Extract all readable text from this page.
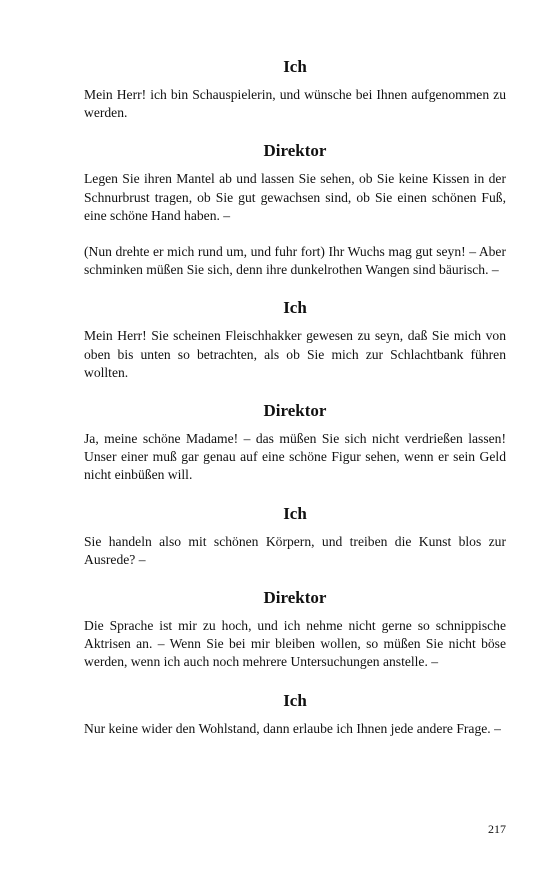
Ich

Mein Herr! ich bin Schauspielerin, und wünsche bei Ihnen aufgenommen zu werden.

Direktor

Legen Sie ihren Mantel ab und lassen Sie sehen, ob Sie keine Kissen in der Schnurbrust tragen, ob Sie gut gewachsen sind, ob Sie einen schönen Fuß, eine schöne Hand haben. –

(Nun drehte er mich rund um, und fuhr fort) Ihr Wuchs mag gut seyn! – Aber schminken müßen Sie sich, denn ihre dunkelrothen Wangen sind bäurisch. –

Ich

Mein Herr! Sie scheinen Fleischhakker gewesen zu seyn, daß Sie mich von oben bis unten so betrachten, als ob Sie mich zur Schlachtbank führen wollten.

Direktor

Ja, meine schöne Madame! – das müßen Sie sich nicht verdrießen lassen! Unser einer muß gar genau auf eine schöne Figur sehen, wenn er sein Geld nicht einbüßen will.

Ich

Sie handeln also mit schönen Körpern, und treiben die Kunst blos zur Ausrede? –

Direktor

Die Sprache ist mir zu hoch, und ich nehme nicht gerne so schnippische Aktrisen an. – Wenn Sie bei mir bleiben wollen, so müßen Sie nicht böse werden, wenn ich auch noch mehrere Untersuchungen anstelle. –

Ich

Nur keine wider den Wohlstand, dann erlaube ich Ihnen jede andere Frage. –

217
